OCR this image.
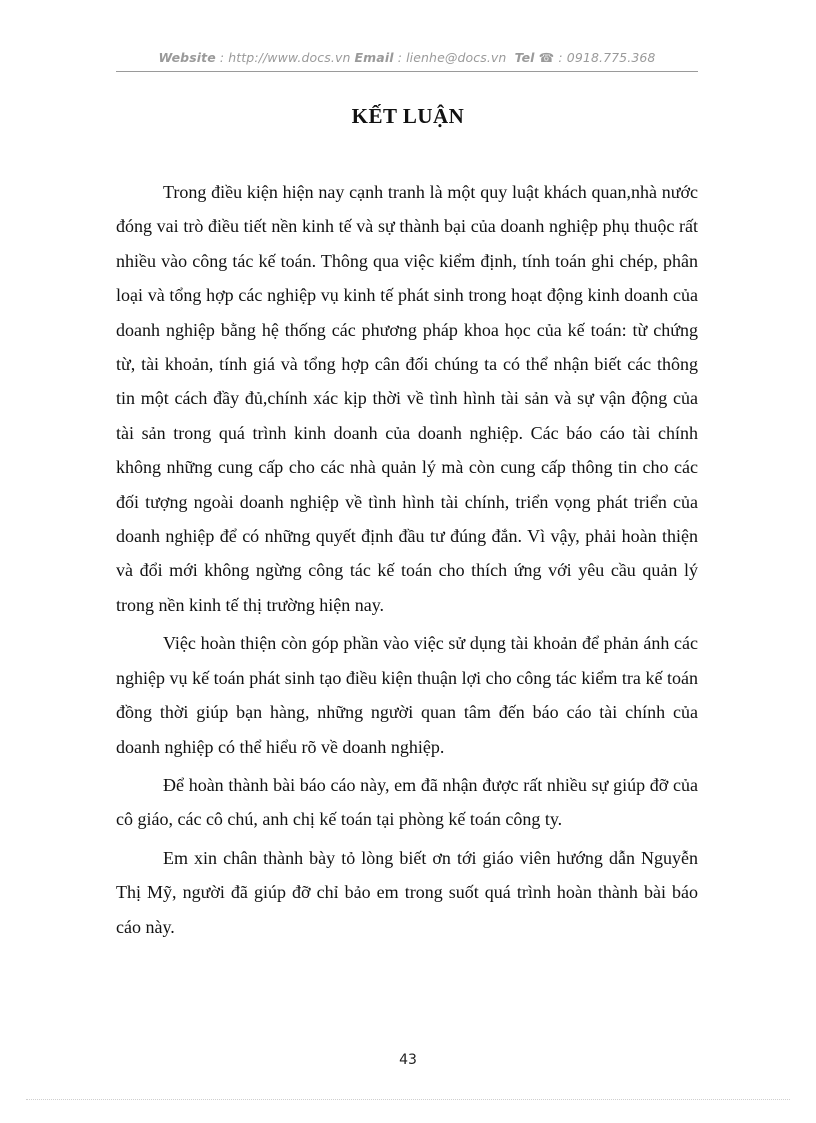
Website : http://www.docs.vn Email : lienhe@docs.vn Tel ☎ : 0918.775.368
KẾT LUẬN

Trong điều kiện hiện nay cạnh tranh là một quy luật khách quan,nhà nước đóng vai trò điều tiết nền kinh tế và sự thành bại của doanh nghiệp phụ thuộc rất nhiều vào công tác kế toán. Thông qua việc kiểm định, tính toán ghi chép, phân loại và tổng hợp các nghiệp vụ kinh tế phát sinh trong hoạt động kinh doanh của doanh nghiệp bằng hệ thống các phương pháp khoa học của kế toán: từ chứng từ, tài khoản, tính giá và tổng hợp cân đối chúng ta có thể nhận biết các thông tin một cách đầy đủ,chính xác kịp thời về tình hình tài sản và sự vận động của tài sản trong quá trình kinh doanh của doanh nghiệp. Các báo cáo tài chính không những cung cấp cho các nhà quản lý mà còn cung cấp thông tin cho các đối tượng ngoài doanh nghiệp về tình hình tài chính, triển vọng phát triển của doanh nghiệp để có những quyết định đầu tư đúng đắn. Vì vậy, phải hoàn thiện và đổi mới không ngừng công tác kế toán cho thích ứng với yêu cầu quản lý trong nền kinh tế thị trường hiện nay.

Việc hoàn thiện còn góp phần vào việc sử dụng tài khoản để phản ánh các nghiệp vụ kế toán phát sinh tạo điều kiện thuận lợi cho công tác kiểm tra kế toán đồng thời giúp bạn hàng, những người quan tâm đến báo cáo tài chính của doanh nghiệp có thể hiểu rõ về doanh nghiệp.

Để hoàn thành bài báo cáo này, em đã nhận được rất nhiều sự giúp đỡ của cô giáo, các cô chú, anh chị kế toán tại phòng kế toán công ty.

Em xin chân thành bày tỏ lòng biết ơn tới giáo viên hướng dẫn Nguyễn Thị Mỹ, người đã giúp đỡ chỉ bảo em trong suốt quá trình hoàn thành bài báo cáo này.

43
